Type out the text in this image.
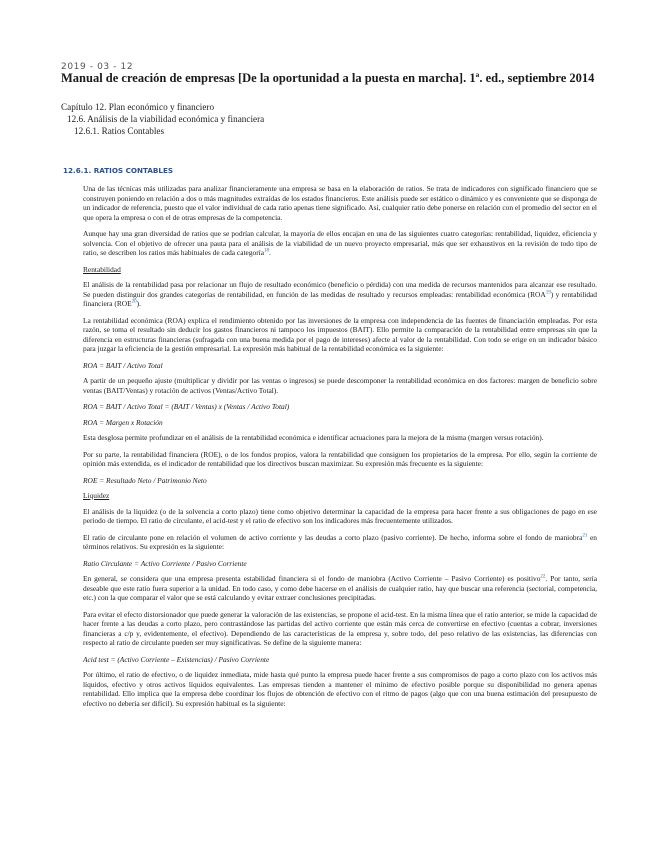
2019 - 03 - 12
Manual de creación de empresas [De la oportunidad a la puesta en marcha]. 1ª. ed., septiembre 2014
Capítulo 12. Plan económico y financiero
12.6. Análisis de la viabilidad económica y financiera
12.6.1. Ratios Contables
12.6.1. RATIOS CONTABLES

Una de las técnicas más utilizadas para analizar financieramente una empresa se basa en la elaboración de ratios. Se trata de indicadores con significado financiero que se construyen poniendo en relación a dos o más magnitudes extraídas de los estados financieros. Este análisis puede ser estático o dinámico y es conveniente que se disponga de un indicador de referencia, puesto que el valor individual de cada ratio apenas tiene significado. Así, cualquier ratio debe ponerse en relación con el promedio del sector en el que opera la empresa o con el de otras empresas de la competencia.

Aunque hay una gran diversidad de ratios que se podrían calcular, la mayoría de ellos encajan en una de las siguientes cuatro categorías: rentabilidad, liquidez, eficiencia y solvencia. Con el objetivo de ofrecer una pauta para el análisis de la viabilidad de un nuevo proyecto empresarial, más que ser exhaustivos en la revisión de todo tipo de ratio, se describen los ratios más habituales de cada categoría$^{18}$.

Rentabilidad

El análisis de la rentabilidad pasa por relacionar un flujo de resultado económico (beneficio o pérdida) con una medida de recursos mantenidos para alcanzar ese resultado. Se pueden distinguir dos grandes categorías de rentabilidad, en función de las medidas de resultado y recursos empleadas: rentabilidad económica (ROA$^{19}$) y rentabilidad financiera (ROE$^{20}$).

La rentabilidad económica (ROA) explica el rendimiento obtenido por las inversiones de la empresa con independencia de las fuentes de financiación empleadas. Por esta razón, se toma el resultado sin deducir los gastos financieros ni tampoco los impuestos (BAIT). Ello permite la comparación de la rentabilidad entre empresas sin que la diferencia en estructuras financieras (sufragada con una buena medida por el pago de intereses) afecte al valor de la rentabilidad. Con todo se erige en un indicador básico para juzgar la eficiencia de la gestión empresarial. La expresión más habitual de la rentabilidad económica es la siguiente:

ROA = BAIT / Activo Total

A partir de un pequeño ajuste (multiplicar y dividir por las ventas o ingresos) se puede descomponer la rentabilidad económica en dos factores: margen de beneficio sobre ventas (BAIT/Ventas) y rotación de activos (Ventas/Activo Total).

ROA = BAIT / Activo Total = (BAIT / Ventas) x (Ventas / Activo Total)

ROA = Margen x Rotación

Esta desglosa permite profundizar en el análisis de la rentabilidad económica e identificar actuaciones para la mejora de la misma (margen versus rotación).

Por su parte, la rentabilidad financiera (ROE), o de los fondos propios, valora la rentabilidad que consiguen los propietarios de la empresa. Por ello, según la corriente de opinión más extendida, es el indicador de rentabilidad que los directivos buscan maximizar. Su expresión más frecuente es la siguiente:

ROE = Resultado Neto / Patrimonio Neto

Liquidez

El análisis de la liquidez (o de la solvencia a corto plazo) tiene como objetivo determinar la capacidad de la empresa para hacer frente a sus obligaciones de pago en ese periodo de tiempo. El ratio de circulante, el acid-test y el ratio de efectivo son los indicadores más frecuentemente utilizados.

El ratio de circulante pone en relación el volumen de activo corriente y las deudas a corto plazo (pasivo corriente). De hecho, informa sobre el fondo de maniobra$^{21}$ en términos relativos. Su expresión es la siguiente:

Ratio Circulante = Activo Corriente / Pasivo Corriente

En general, se considera que una empresa presenta estabilidad financiera si el fondo de maniobra (Activo Corriente – Pasivo Corriente) es positivo$^{22}$. Por tanto, sería deseable que este ratio fuera superior a la unidad. En todo caso, y como debe hacerse en el análisis de cualquier ratio, hay que buscar una referencia (sectorial, competencia, etc.) con la que comparar el valor que se está calculando y evitar extraer conclusiones precipitadas.

Para evitar el efecto distorsionador que puede generar la valoración de las existencias, se propone el acid-test. En la misma línea que el ratio anterior, se mide la capacidad de hacer frente a las deudas a corto plazo, pero contrastándose las partidas del activo corriente que están más cerca de convertirse en efectivo (cuentas a cobrar, inversiones financieras a c/p y, evidentemente, el efectivo). Dependiendo de las características de la empresa y, sobre todo, del peso relativo de las existencias, las diferencias con respecto al ratio de circulante pueden ser muy significativas. Se define de la siguiente manera:

Acid test = (Activo Corriente – Existencias) / Pasivo Corriente

Por último, el ratio de efectivo, o de liquidez inmediata, mide hasta qué punto la empresa puede hacer frente a sus compromisos de pago a corto plazo con los activos más líquidos, efectivo y otros activos líquidos equivalentes. Las empresas tienden a mantener el mínimo de efectivo posible porque su disponibilidad no genera apenas rentabilidad. Ello implica que la empresa debe coordinar los flujos de obtención de efectivo con el ritmo de pagos (algo que con una buena estimación del presupuesto de efectivo no debería ser difícil). Su expresión habitual es la siguiente:
